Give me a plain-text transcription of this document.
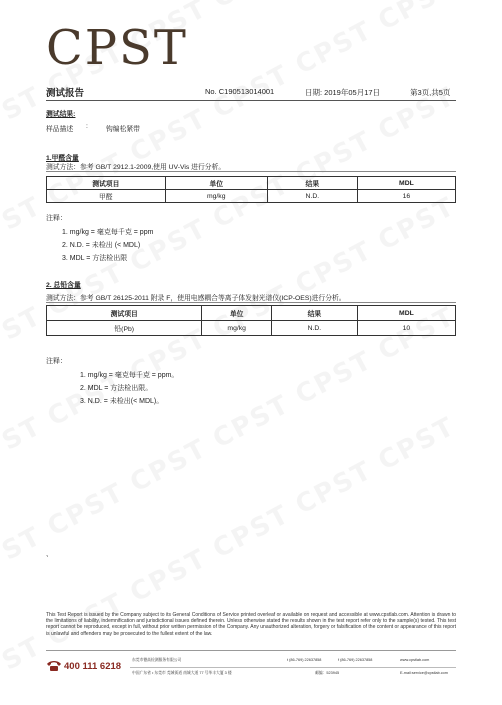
CPST
测试报告	No. C190513014001	日期: 2019年05月17日	第3页,共5页
测试结果:
样品描述 :	钩编松紧带
1.甲醛含量
测试方法：参考 GB/T 2912.1-2009,使用 UV-Vis 进行分析。
测试项目	单位	结果	MDL
甲醛	mg/kg	N.D.	16
注释：
1. mg/kg = 毫克每千克 = ppm
2. N.D. = 未检出 (< MDL)
3. MDL = 方法检出限
2. 总铅含量
测试方法：参考 GB/T 26125-2011 附录 F，使用电感耦合等离子体发射光谱仪(ICP-OES)进行分析。
测试项目	单位	结果	MDL
铅(Pb)	mg/kg	N.D.	10
注释：
1. mg/kg = 毫克每千克 = ppm。
2. MDL = 方法检出限。
3. N.D. = 未检出(< MDL)。
、
This Test Report is issued by the Company subject to its General Conditions of Service printed overleaf or available on request and accessible at www.cpstlab.com. Attention is drawn to the limitations of liability, indemnification and jurisdictional issues defined therein. Unless otherwise stated the results shown in the test report refer only to the sample(s) tested. This test report cannot be reproduced, except in full, without prior written permission of the Company. Any unauthorized alteration, forgery or falsification of the content or appearance of this report is unlawful and offenders may be prosecuted to the fullest extent of the law.
400 111 6218
东莞市德高检测服务有限公司	t (86-769) 22637858	f (86-769) 22637858	www.cpstlab.com
中国广东省 • 东莞市 莞城街道 南城大道 77 号华丰大厦 3 楼	邮编：523945	E-mail:service@cpstlab.com
